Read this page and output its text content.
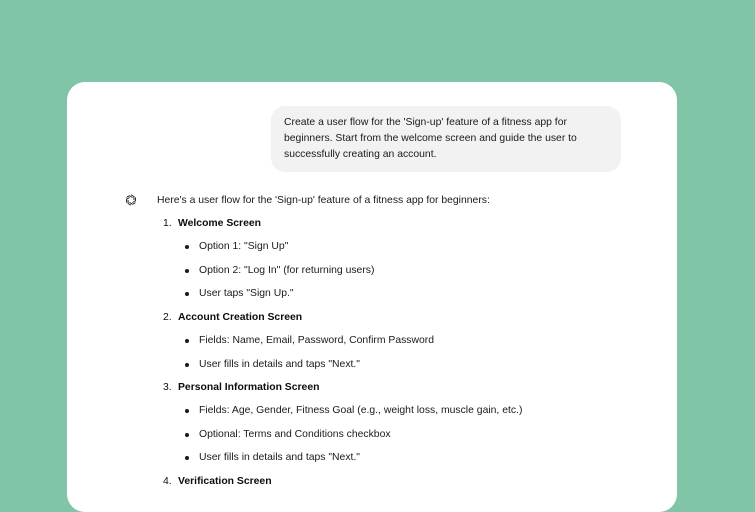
Create a user flow for the 'Sign-up' feature of a fitness app for beginners. Start from the welcome screen and guide the user to successfully creating an account.
Here's a user flow for the 'Sign-up' feature of a fitness app for beginners:
1. Welcome Screen
Option 1: "Sign Up"
Option 2: "Log In" (for returning users)
User taps "Sign Up."
2. Account Creation Screen
Fields: Name, Email, Password, Confirm Password
User fills in details and taps "Next."
3. Personal Information Screen
Fields: Age, Gender, Fitness Goal (e.g., weight loss, muscle gain, etc.)
Optional: Terms and Conditions checkbox
User fills in details and taps "Next."
4. Verification Screen
